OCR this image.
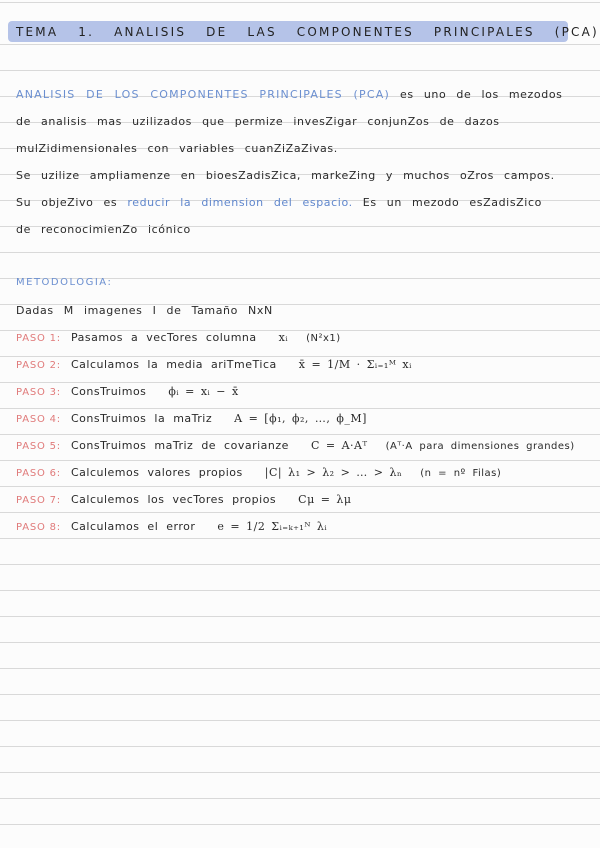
TEMA 1. ANALISIS DE LAS COMPONENTES PRINCIPALES (PCA)
ANALISIS DE LOS COMPONENTES PRINCIPALES (PCA) es uno de los mezodos
de analisis mas uzilizados que permize invesZigar conjunZos de dazos
mulZidimensionales con variables cuanZiZaZivas.
Se uzilize ampliamenze en bioesZadisZica, markeZing y muchos oZros campos.
Su objeZivo es reducir la dimension del espacio. Es un mezodo esZadisZico
de reconocimienZo icónico
METODOLOGIA:
Dadas M imagenes I de Tamaño NxN
PASO 1: Pasamos a vecTores columna xᵢ (N²x1)
PASO 2: Calculamos la media ariTmeTica x̄ = 1/M · Σᵢ₌₁ᴹ xᵢ
PASO 3: ConsTruimos ϕᵢ = xᵢ − x̄
PASO 4: ConsTruimos la maTriz A = [ϕ₁, ϕ₂, …, ϕ_M]
PASO 5: ConsTruimos maTriz de covarianze C = A·Aᵀ (Aᵀ·A para dimensiones grandes)
PASO 6: Calculemos valores propios |C| λ₁ > λ₂ > … > λₙ (n = nº Filas)
PASO 7: Calculemos los vecTores propios Cμ = λμ
PASO 8: Calculamos el error e = 1/2 Σᵢ₌ₖ₊₁ᴺ λᵢ
